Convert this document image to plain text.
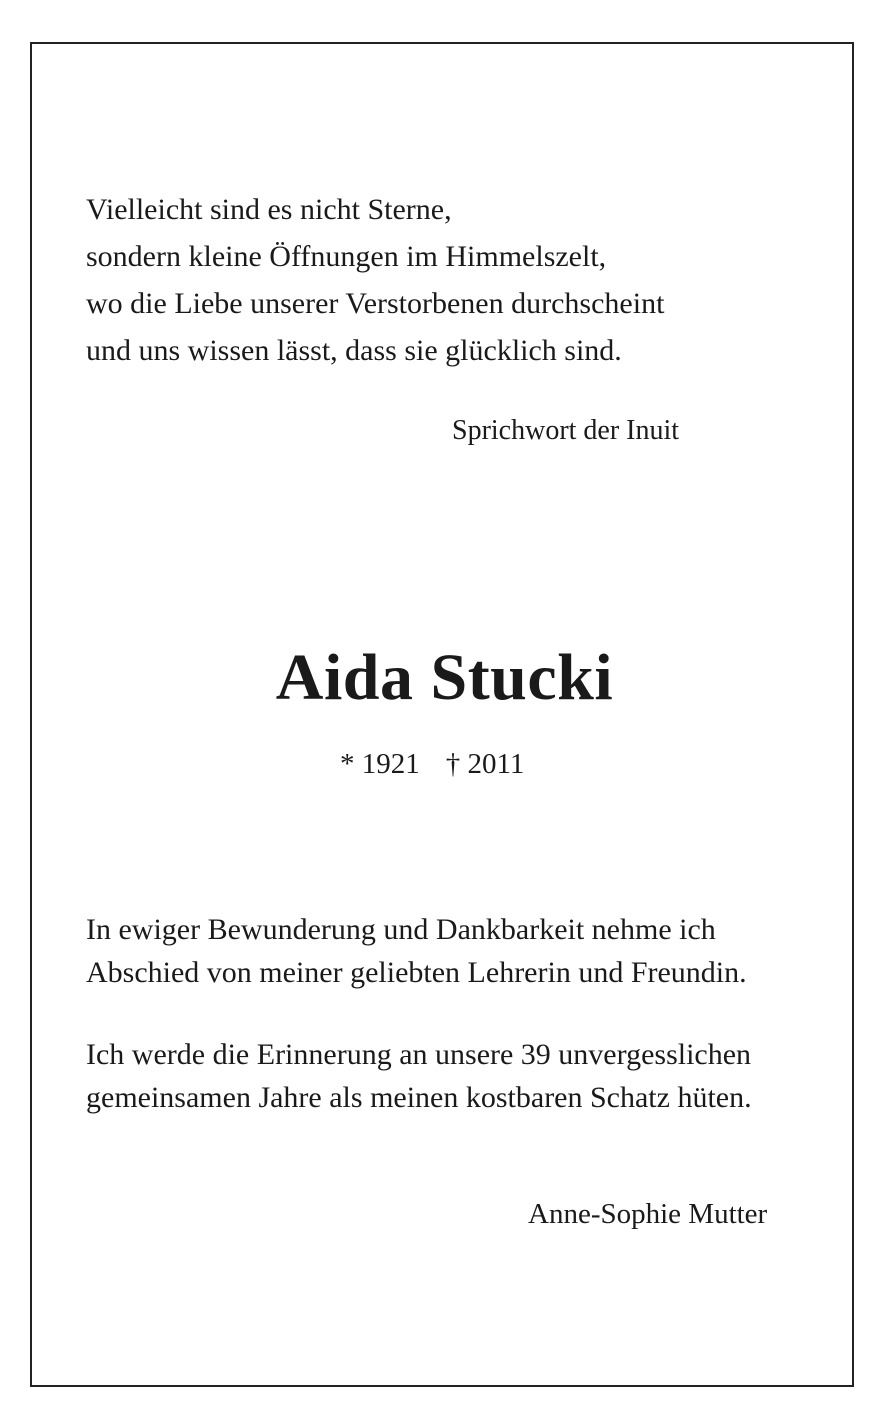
Vielleicht sind es nicht Sterne,
sondern kleine Öffnungen im Himmelszelt,
wo die Liebe unserer Verstorbenen durchscheint
und uns wissen lässt, dass sie glücklich sind.
Sprichwort der Inuit
Aida Stucki
* 1921 † 2011
In ewiger Bewunderung und Dankbarkeit nehme ich
Abschied von meiner geliebten Lehrerin und Freundin.
Ich werde die Erinnerung an unsere 39 unvergesslichen
gemeinsamen Jahre als meinen kostbaren Schatz hüten.
Anne-Sophie Mutter
